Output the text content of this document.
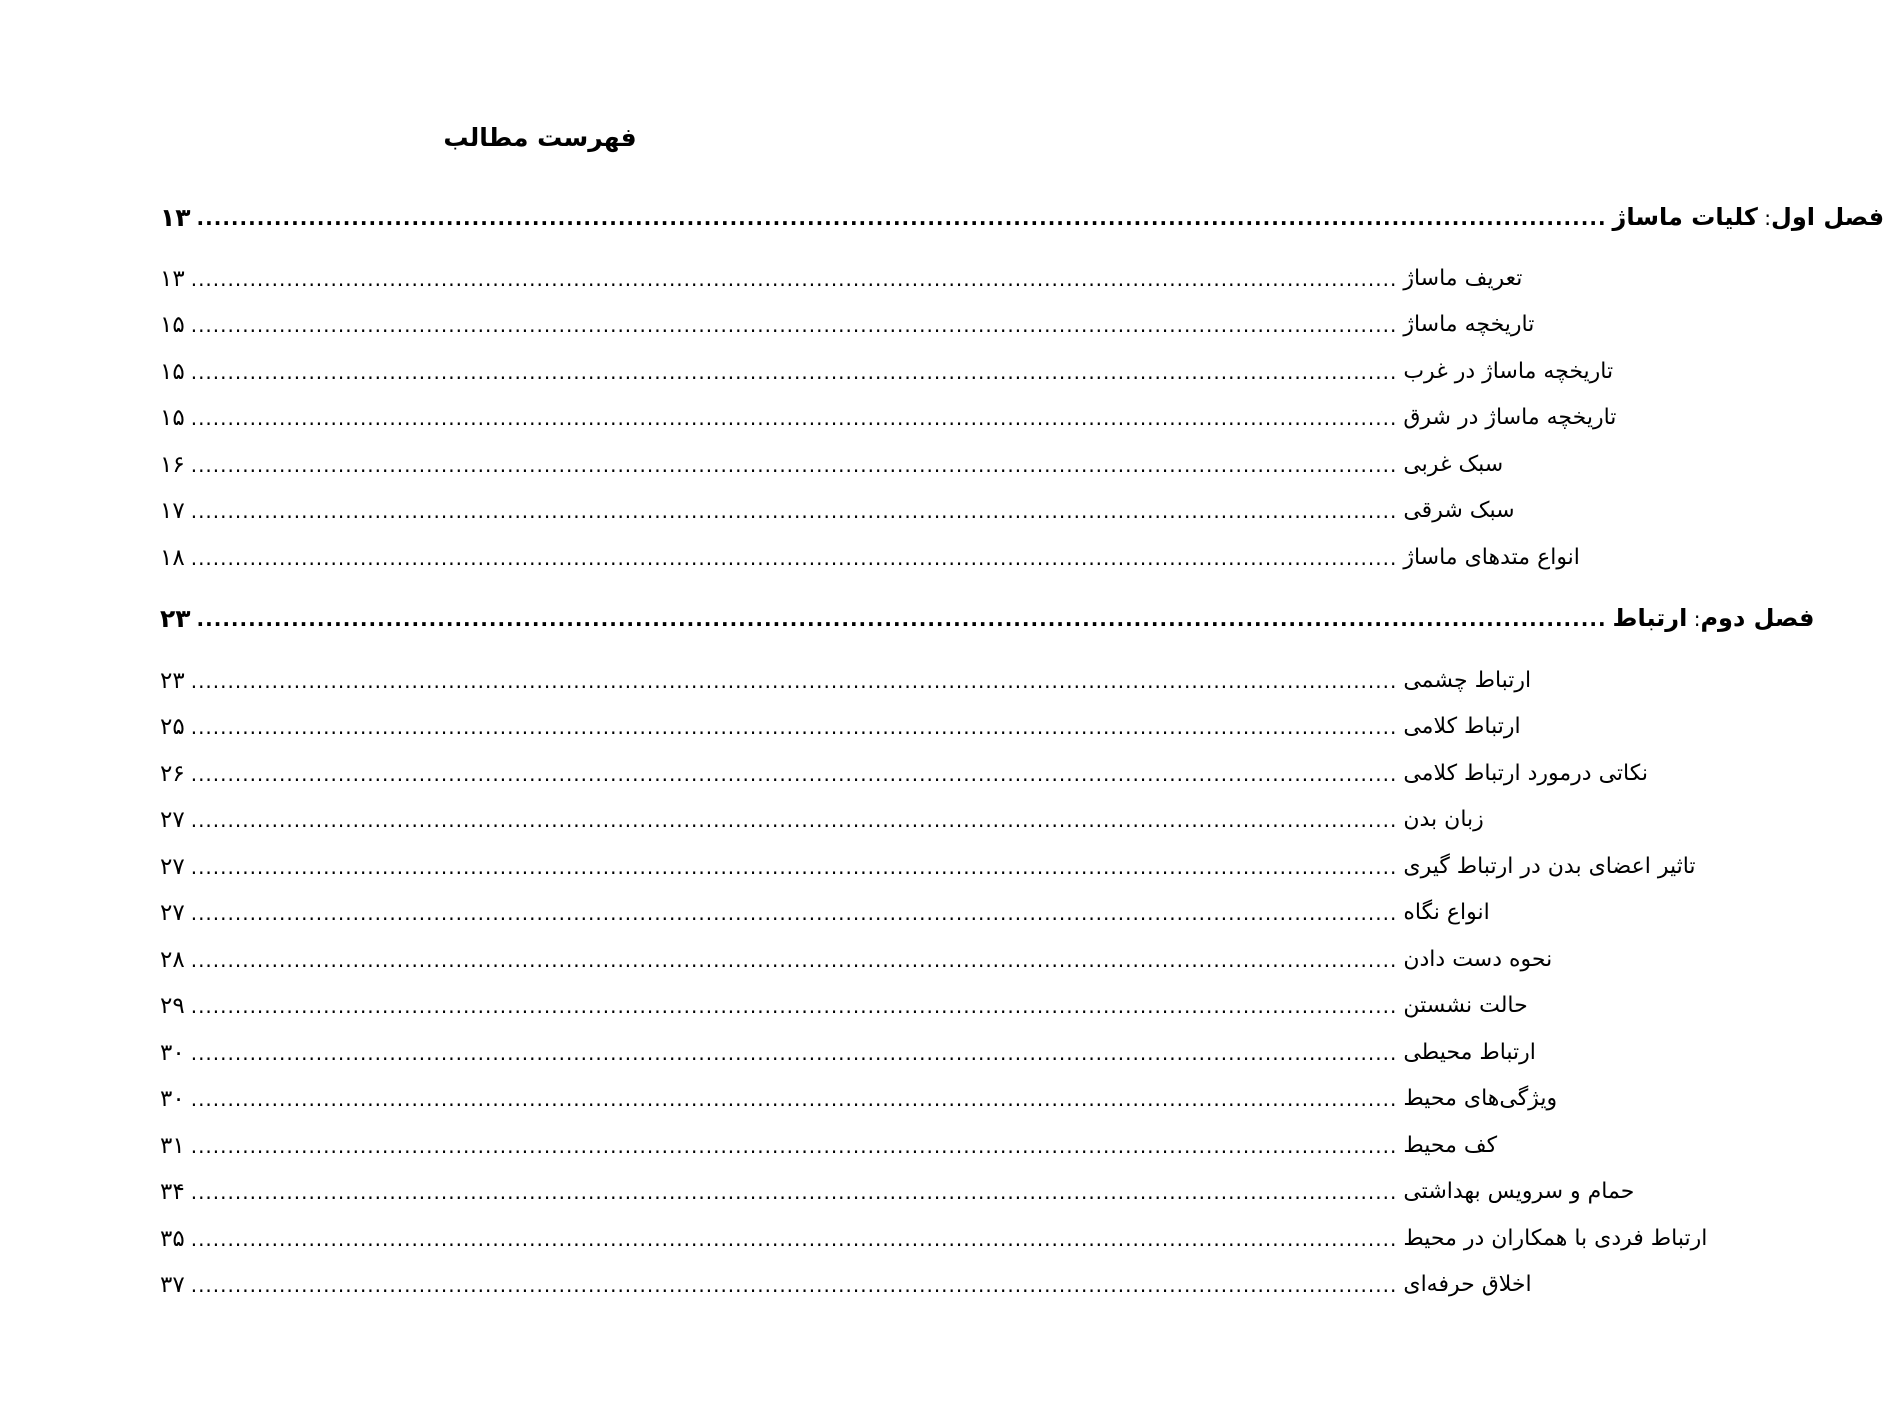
فهرست مطالب
۱۳ ....................................................................................................................................................................	فصل اول: کلیات ماساژ
۱۳ .................................................................................................................................................................... تعریف ماساژ
۱۵ .................................................................................................................................................................... تاریخچه ماساژ
۱۵ .................................................................................................................................................................... تاریخچه ماساژ در غرب
۱۵ .................................................................................................................................................................... تاریخچه ماساژ در شرق
۱۶ .................................................................................................................................................................... سبک غربی
۱۷ .................................................................................................................................................................... سبک شرقی
۱۸ .................................................................................................................................................................... انواع متدهای ماساژ
۲۳ ....................................................................................................................................................................	فصل دوم: ارتباط
۲۳ .................................................................................................................................................................... ارتباط چشمی
۲۵ .................................................................................................................................................................... ارتباط کلامی
۲۶ .................................................................................................................................................................... نکاتی درمورد ارتباط کلامی
۲۷ .................................................................................................................................................................... زبان بدن
۲۷ .................................................................................................................................................................... تاثیر اعضای بدن در ارتباط گیری
۲۷ .................................................................................................................................................................... انواع نگاه
۲۸ .................................................................................................................................................................... نحوه دست دادن
۲۹ .................................................................................................................................................................... حالت نشستن
۳۰ .................................................................................................................................................................... ارتباط محیطی
۳۰ .................................................................................................................................................................... ویژگی‌های محیط
۳۱ .................................................................................................................................................................... کف محیط
۳۴ .................................................................................................................................................................... حمام و سرویس بهداشتی
۳۵ .................................................................................................................................................................... ارتباط فردی با همکاران در محیط
۳۷ .................................................................................................................................................................... اخلاق حرفه‌ای
